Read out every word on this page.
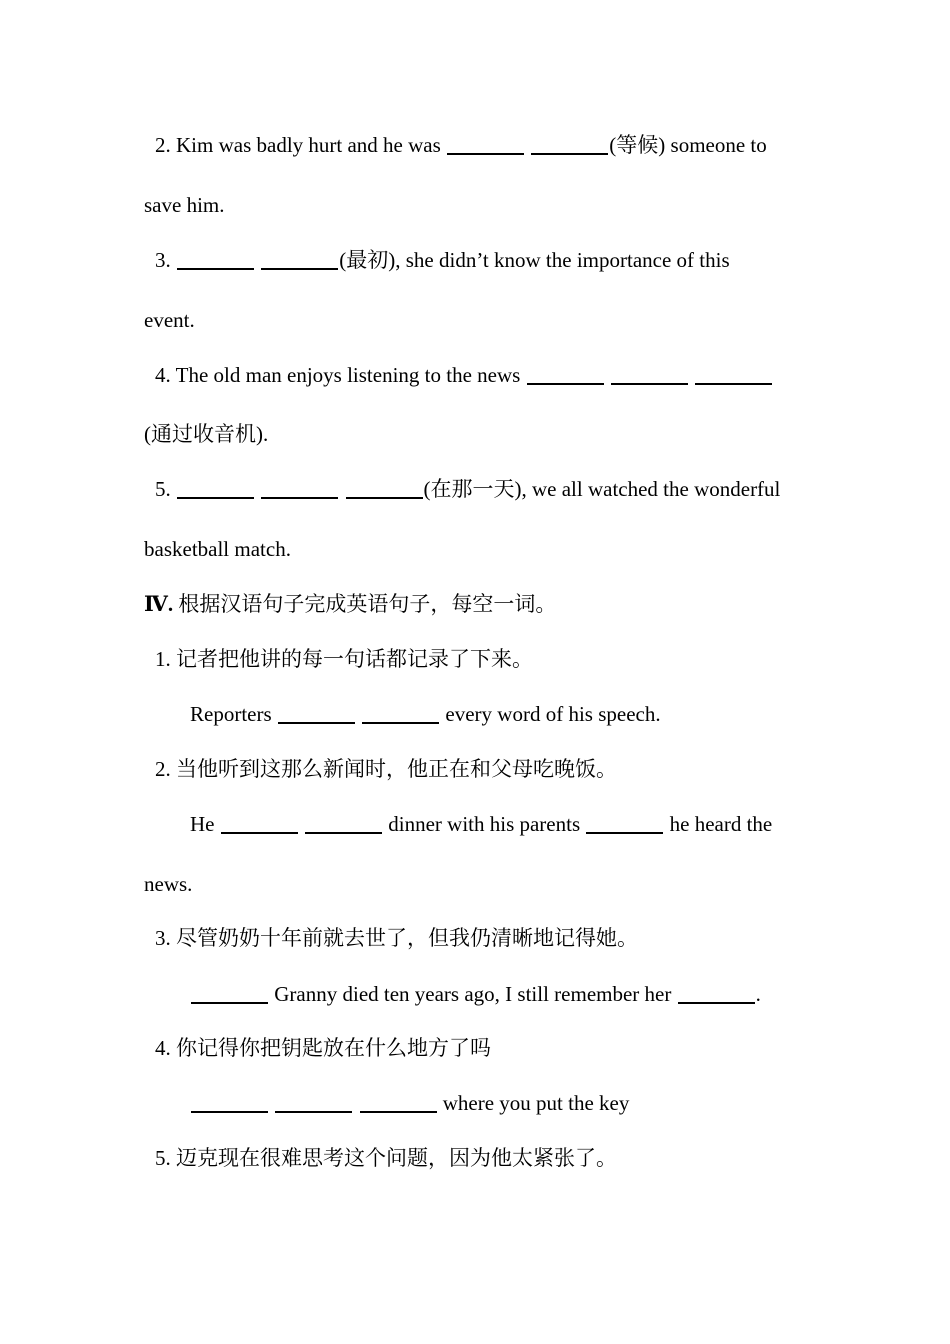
2. Kim was badly hurt and he was	(等候) someone to
save him.
3.	(最初), she didn’t know the importance of this
event.
4. The old man enjoys listening to the news
(通过收音机).
5.	(在那一天), we all watched the wonderful
basketball match.
Ⅳ. 根据汉语句子完成英语句子，每空一词。
1. 记者把他讲的每一句话都记录了下来。
Reporters	every word of his speech.
2. 当他听到这那么新闻时，他正在和父母吃晚饭。
He	dinner with his parents	he heard the
news.
3. 尽管奶奶十年前就去世了，但我仍清晰地记得她。
Granny died ten years ago, I still remember her	.
4. 你记得你把钥匙放在什么地方了吗
where you put the key
5. 迈克现在很难思考这个问题，因为他太紧张了。
